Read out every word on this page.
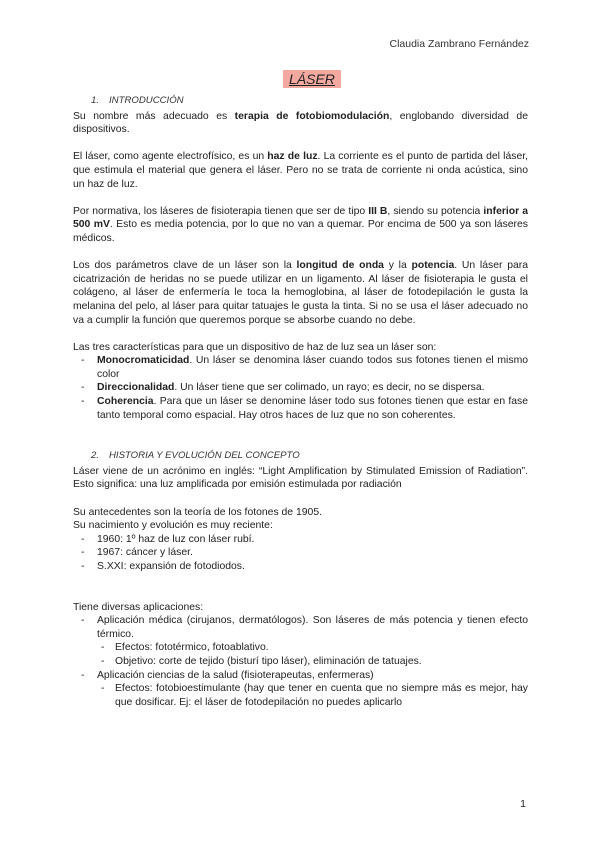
Claudia Zambrano Fernández
LÁSER
1. INTRODUCCIÓN

Su nombre más adecuado es terapia de fotobiomodulación, englobando diversidad de dispositivos.

El láser, como agente electrofísico, es un haz de luz. La corriente es el punto de partida del láser, que estimula el material que genera el láser. Pero no se trata de corriente ni onda acústica, sino un haz de luz.

Por normativa, los láseres de fisioterapia tienen que ser de tipo III B, siendo su potencia inferior a 500 mV. Esto es media potencia, por lo que no van a quemar. Por encima de 500 ya son láseres médicos.

Los dos parámetros clave de un láser son la longitud de onda y la potencia. Un láser para cicatrización de heridas no se puede utilizar en un ligamento. Al láser de fisioterapia le gusta el colágeno, al láser de enfermería le toca la hemoglobina, al láser de fotodepilación le gusta la melanina del pelo, al láser para quitar tatuajes le gusta la tinta. Si no se usa el láser adecuado no va a cumplir la función que queremos porque se absorbe cuando no debe.

Las tres características para que un dispositivo de haz de luz sea un láser son:
- Monocromaticidad. Un láser se denomina láser cuando todos sus fotones tienen el mismo color
- Direccionalidad. Un láser tiene que ser colimado, un rayo; es decir, no se dispersa.
- Coherencia. Para que un láser se denomine láser todo sus fotones tienen que estar en fase tanto temporal como espacial. Hay otros haces de luz que no son coherentes.
2. HISTORIA Y EVOLUCIÓN DEL CONCEPTO

Láser viene de un acrónimo en inglés: “Light Amplification by Stimulated Emission of Radiation”. Esto significa: una luz amplificada por emisión estimulada por radiación

Su antecedentes son la teoría de los fotones de 1905.
Su nacimiento y evolución es muy reciente:
- 1960: 1º haz de luz con láser rubí.
- 1967: cáncer y láser.
- S.XXI: expansión de fotodiodos.
Tiene diversas aplicaciones:
- Aplicación médica (cirujanos, dermatólogos). Son láseres de más potencia y tienen efecto térmico.
- Efectos: fototérmico, fotoablativo.
- Objetivo: corte de tejido (bisturí tipo láser), eliminación de tatuajes.
- Aplicación ciencias de la salud (fisioterapeutas, enfermeras)
- Efectos: fotobioestimulante (hay que tener en cuenta que no siempre más es mejor, hay que dosificar. Ej: el láser de fotodepilación no puedes aplicarlo
1
